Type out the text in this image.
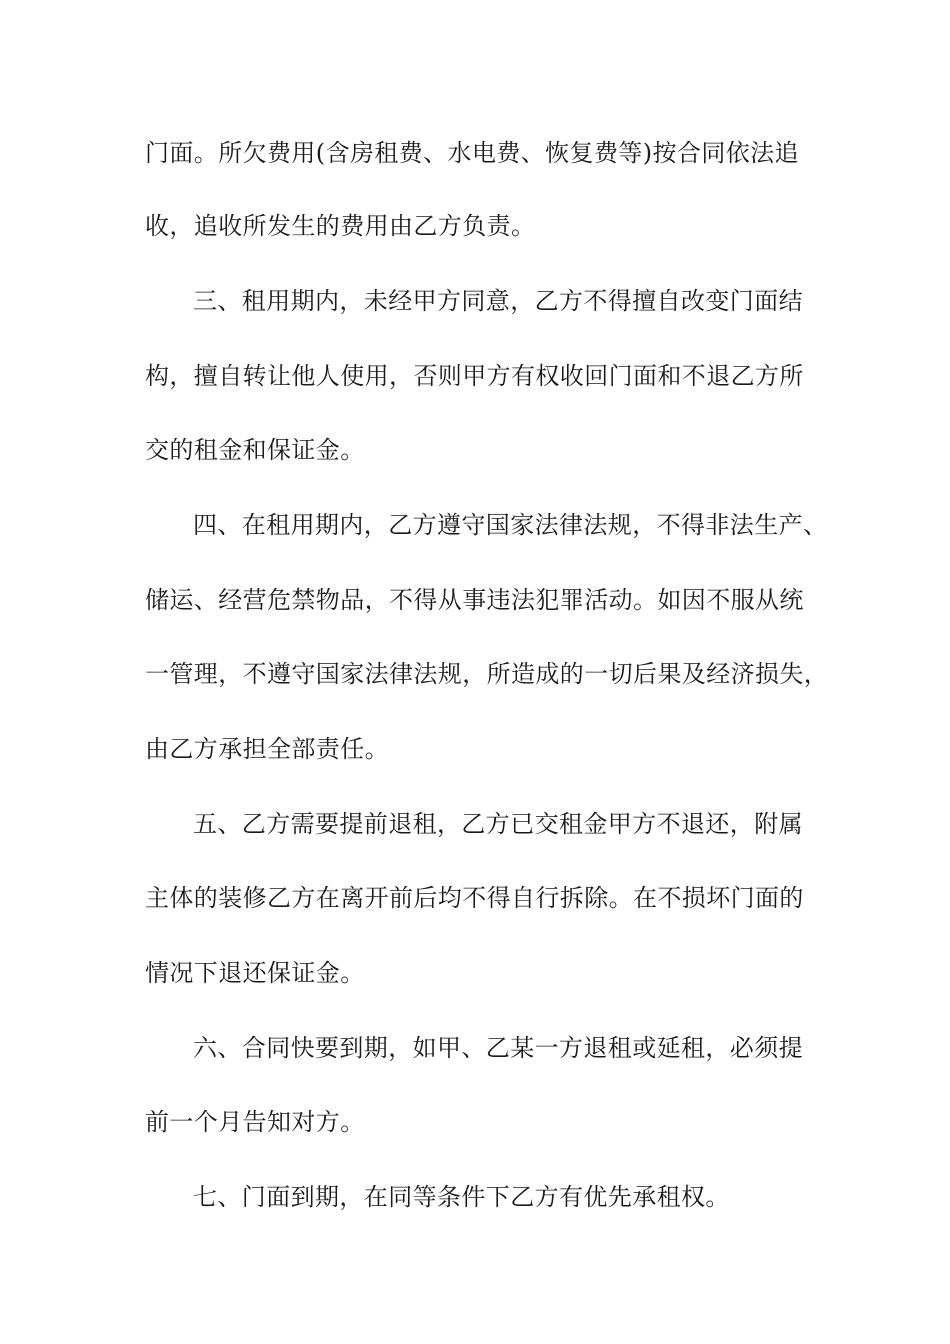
门面。所欠费用(含房租费、水电费、恢复费等)按合同依法追
收，追收所发生的费用由乙方负责。
三、租用期内，未经甲方同意，乙方不得擅自改变门面结
构，擅自转让他人使用，否则甲方有权收回门面和不退乙方所
交的租金和保证金。
四、在租用期内，乙方遵守国家法律法规，不得非法生产、
储运、经营危禁物品，不得从事违法犯罪活动。如因不服从统
一管理，不遵守国家法律法规，所造成的一切后果及经济损失，
由乙方承担全部责任。
五、乙方需要提前退租，乙方已交租金甲方不退还，附属
主体的装修乙方在离开前后均不得自行拆除。在不损坏门面的
情况下退还保证金。
六、合同快要到期，如甲、乙某一方退租或延租，必须提
前一个月告知对方。
七、门面到期，在同等条件下乙方有优先承租权。
